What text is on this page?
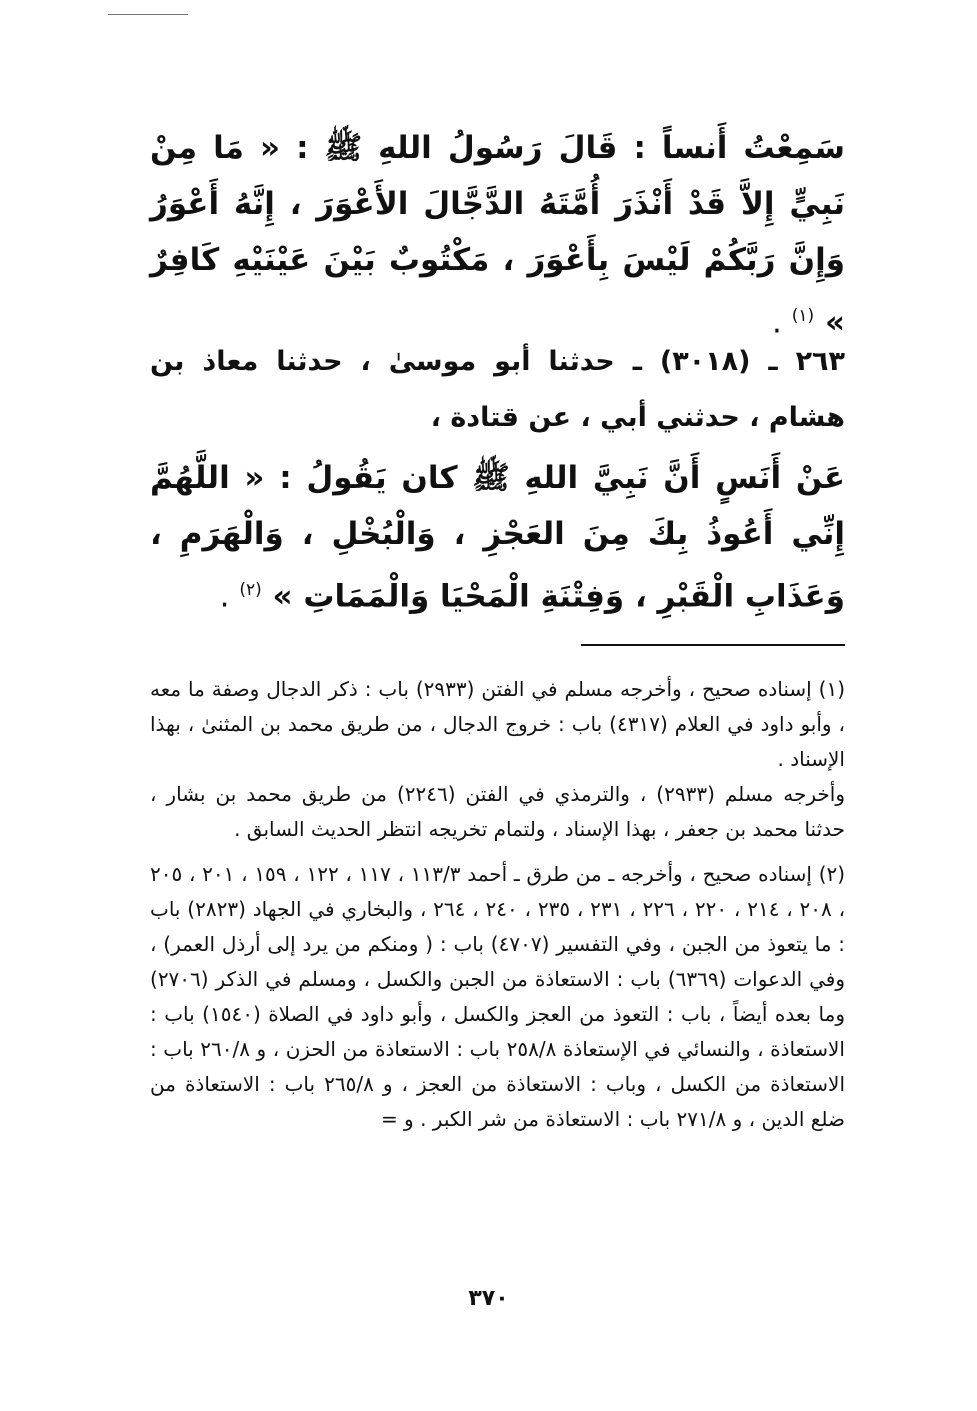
سَمِعْتُ أَنساً : قَالَ رَسُولُ اللهِ ﷺ : « مَا مِنْ نَبِيٍّ إِلاَّ قَدْ أَنْذَرَ أُمَّتَهُ الدَّجَّالَ الأَعْوَرَ ، إِنَّهُ أَعْوَرُ وَإِنَّ رَبَّكُمْ لَيْسَ بِأَعْوَرَ ، مَكْتُوبٌ بَيْنَ عَيْنَيْهِ كَافِرٌ » $^{(١)}$ .

٢٦٣ ـ (٣٠١٨) ـ حدثنا أبو موسىٰ ، حدثنا معاذ بن هشام ، حدثني أبي ، عن قتادة ،

عَنْ أَنَسٍ أَنَّ نَبِيَّ اللهِ ﷺ كان يَقُولُ : « اللَّهُمَّ إِنِّي أَعُوذُ بِكَ مِنَ العَجْزِ ، وَالْبُخْلِ ، وَالْهَرَمِ ، وَعَذَابِ الْقَبْرِ ، وَفِتْنَةِ الْمَحْيَا وَالْمَمَاتِ » $^{(٢)}$ .

(١) إسناده صحيح ، وأخرجه مسلم في الفتن (٢٩٣٣) باب : ذكر الدجال وصفة ما معه ، وأبو داود في العلام (٤٣١٧) باب : خروج الدجال ، من طريق محمد بن المثنىٰ ، بهذا الإسناد .

وأخرجه مسلم (٢٩٣٣) ، والترمذي في الفتن (٢٢٤٦) من طريق محمد بن بشار ، حدثنا محمد بن جعفر ، بهذا الإسناد ، ولتمام تخريجه انتظر الحديث السابق .

(٢) إسناده صحيح ، وأخرجه ـ من طرق ـ أحمد ١١٣/٣ ، ١١٧ ، ١٢٢ ، ١٥٩ ، ٢٠١ ، ٢٠٥ ، ٢٠٨ ، ٢١٤ ، ٢٢٠ ، ٢٢٦ ، ٢٣١ ، ٢٣٥ ، ٢٤٠ ، ٢٦٤ ، والبخاري في الجهاد (٢٨٢٣) باب : ما يتعوذ من الجبن ، وفي التفسير (٤٧٠٧) باب : ( ومنكم من يرد إلى أرذل العمر) ، وفي الدعوات (٦٣٦٩) باب : الاستعاذة من الجبن والكسل ، ومسلم في الذكر (٢٧٠٦) وما بعده أيضاً ، باب : التعوذ من العجز والكسل ، وأبو داود في الصلاة (١٥٤٠) باب : الاستعاذة ، والنسائي في الإستعاذة ٢٥٨/٨ باب : الاستعاذة من الحزن ، و ٢٦٠/٨ باب : الاستعاذة من الكسل ، وباب : الاستعاذة من العجز ، و ٢٦٥/٨ باب : الاستعاذة من ضلع الدين ، و ٢٧١/٨ باب : الاستعاذة من شر الكبر . و =

٣٧٠
